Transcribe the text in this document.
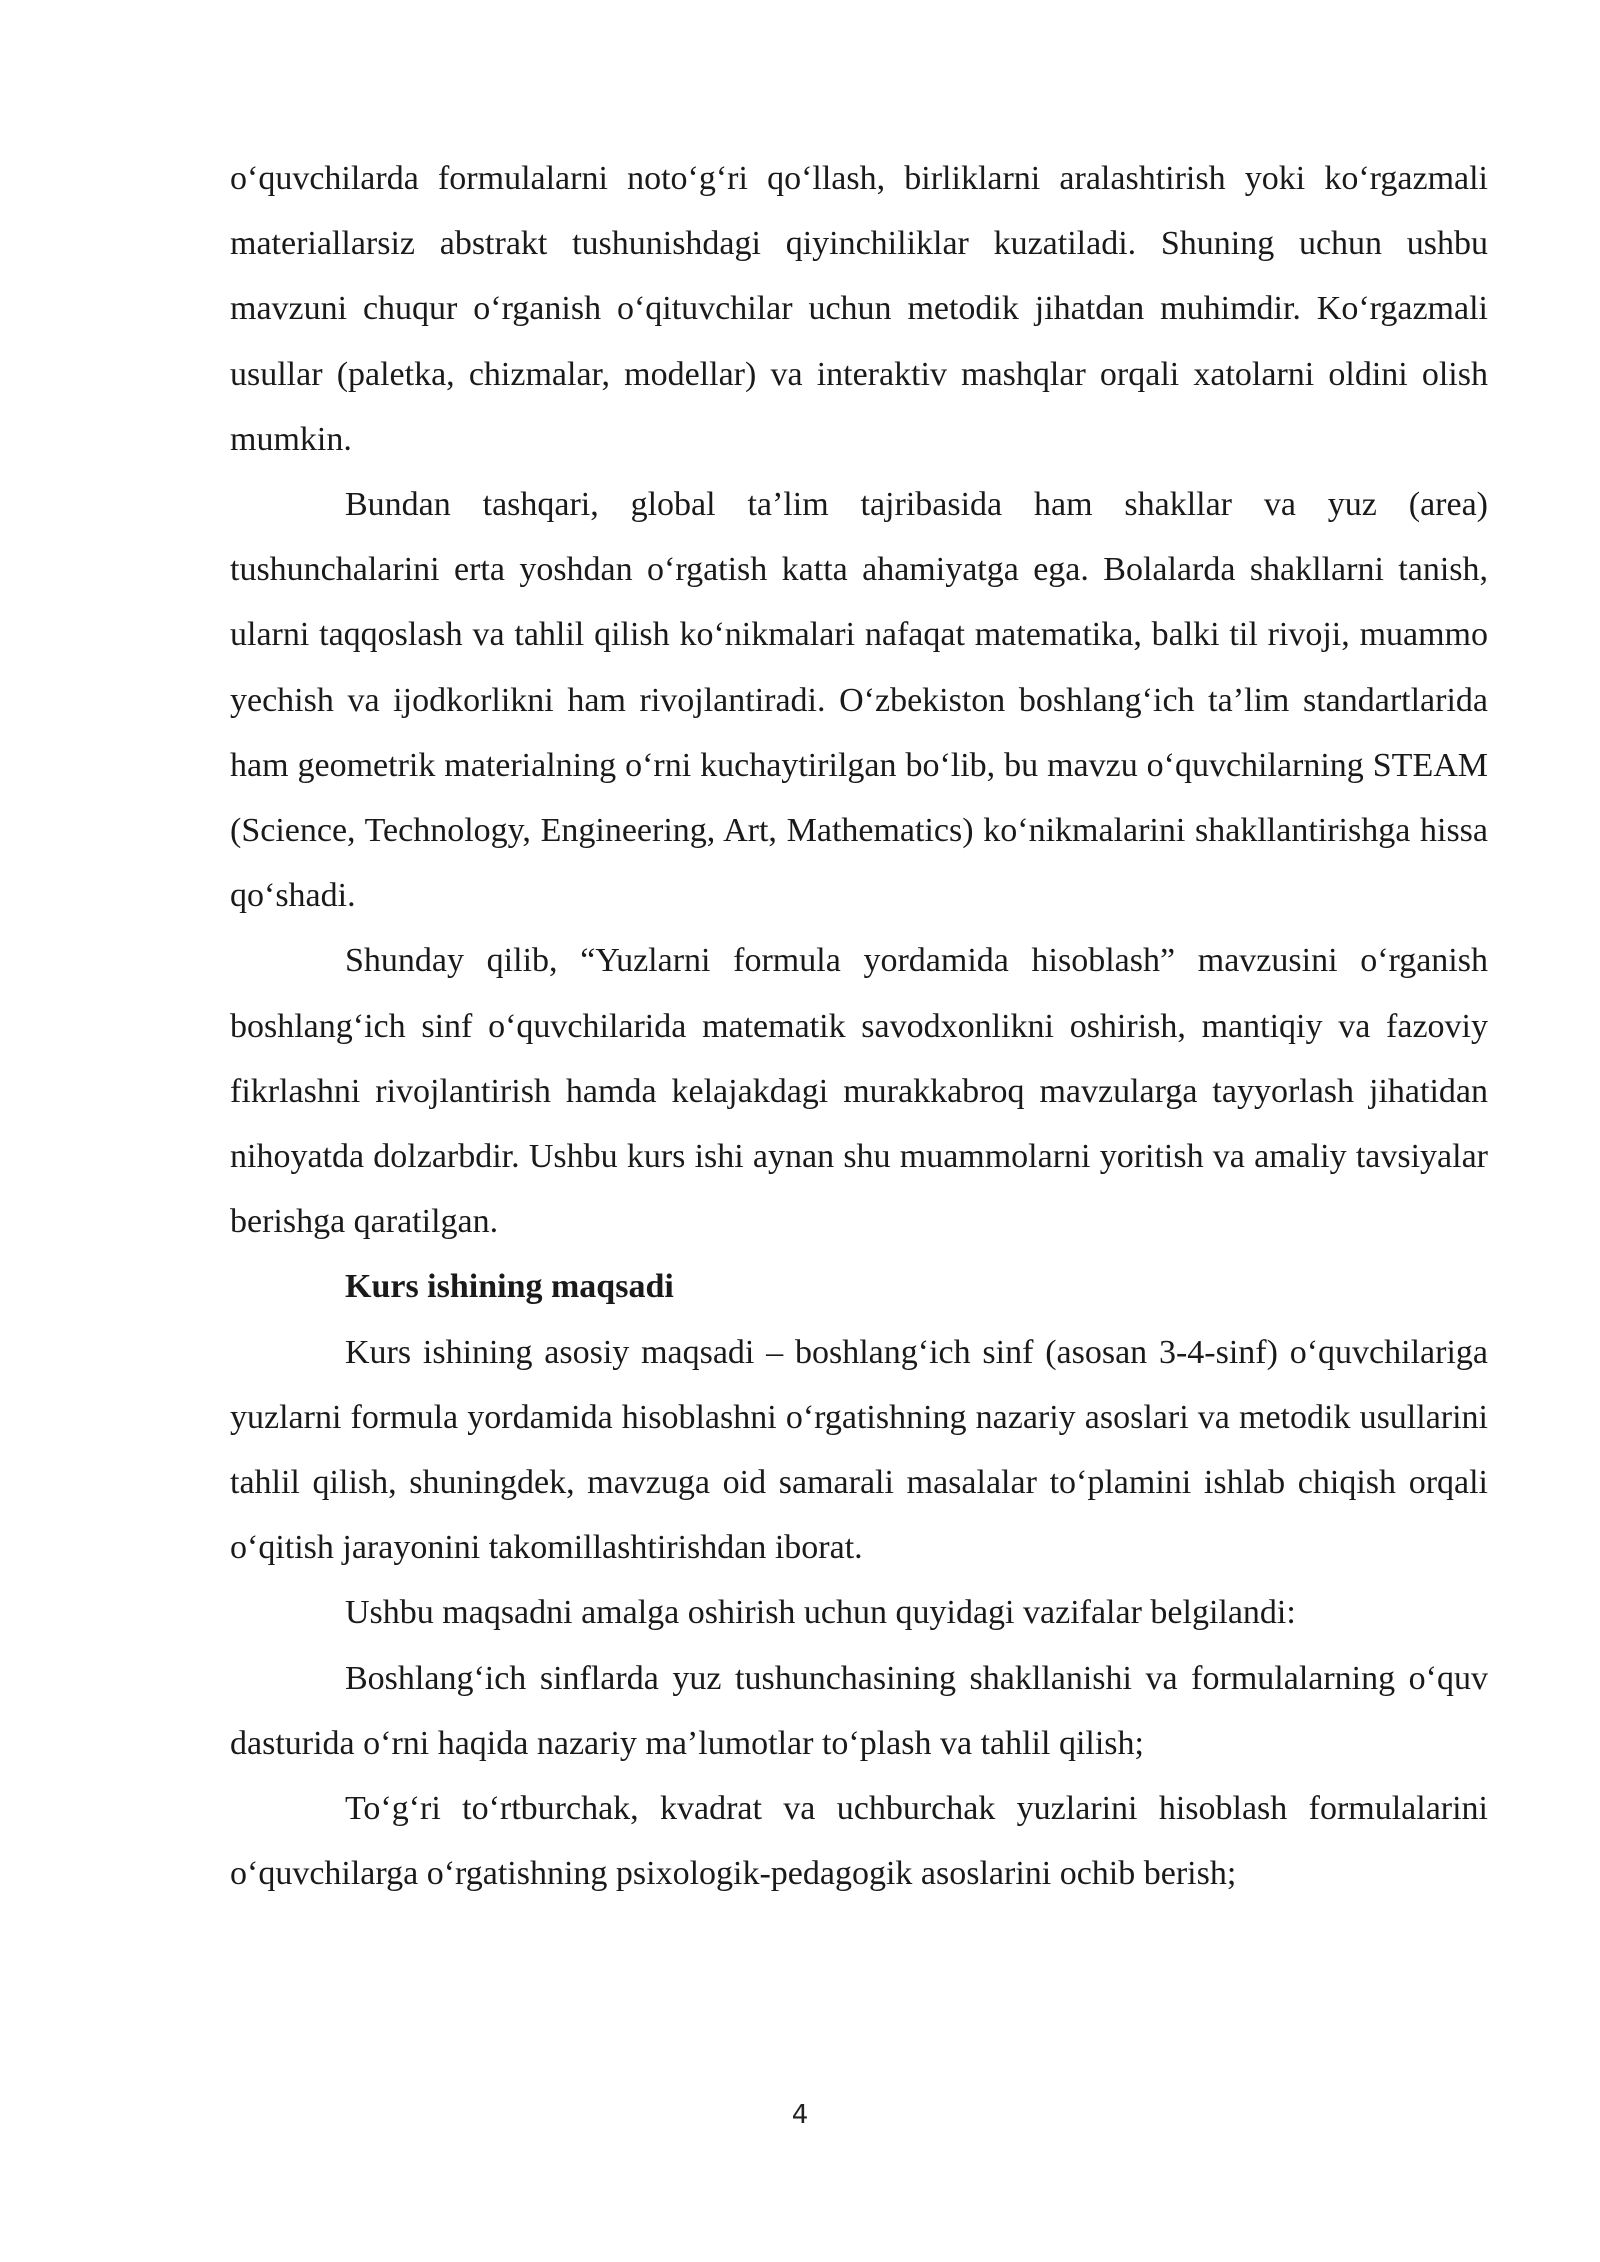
o‘quvchilarda formulalarni noto‘g‘ri qo‘llash, birliklarni aralashtirish yoki ko‘rgazmali materiallarsiz abstrakt tushunishdagi qiyinchiliklar kuzatiladi. Shuning uchun ushbu mavzuni chuqur o‘rganish o‘qituvchilar uchun metodik jihatdan muhimdir. Ko‘rgazmali usullar (paletka, chizmalar, modellar) va interaktiv mashqlar orqali xatolarni oldini olish mumkin.

Bundan tashqari, global ta’lim tajribasida ham shakllar va yuz (area) tushunchalarini erta yoshdan o‘rgatish katta ahamiyatga ega. Bolalarda shakllarni tanish, ularni taqqoslash va tahlil qilish ko‘nikmalari nafaqat matematika, balki til rivoji, muammo yechish va ijodkorlikni ham rivojlantiradi. O‘zbekiston boshlang‘ich ta’lim standartlarida ham geometrik materialning o‘rni kuchaytirilgan bo‘lib, bu mavzu o‘quvchilarning STEAM (Science, Technology, Engineering, Art, Mathematics) ko‘nikmalarini shakllantirishga hissa qo‘shadi.

Shunday qilib, “Yuzlarni formula yordamida hisoblash” mavzusini o‘rganish boshlang‘ich sinf o‘quvchilarida matematik savodxonlikni oshirish, mantiqiy va fazoviy fikrlashni rivojlantirish hamda kelajakdagi murakkabroq mavzularga tayyorlash jihatidan nihoyatda dolzarbdir. Ushbu kurs ishi aynan shu muammolarni yoritish va amaliy tavsiyalar berishga qaratilgan.

Kurs ishining maqsadi

Kurs ishining asosiy maqsadi – boshlang‘ich sinf (asosan 3-4-sinf) o‘quvchilariga yuzlarni formula yordamida hisoblashni o‘rgatishning nazariy asoslari va metodik usullarini tahlil qilish, shuningdek, mavzuga oid samarali masalalar to‘plamini ishlab chiqish orqali o‘qitish jarayonini takomillashtirishdan iborat.

Ushbu maqsadni amalga oshirish uchun quyidagi vazifalar belgilandi:

Boshlang‘ich sinflarda yuz tushunchasining shakllanishi va formulalarning o‘quv dasturida o‘rni haqida nazariy ma’lumotlar to‘plash va tahlil qilish;

To‘g‘ri to‘rtburchak, kvadrat va uchburchak yuzlarini hisoblash formulalarini o‘quvchilarga o‘rgatishning psixologik-pedagogik asoslarini ochib berish;

4
